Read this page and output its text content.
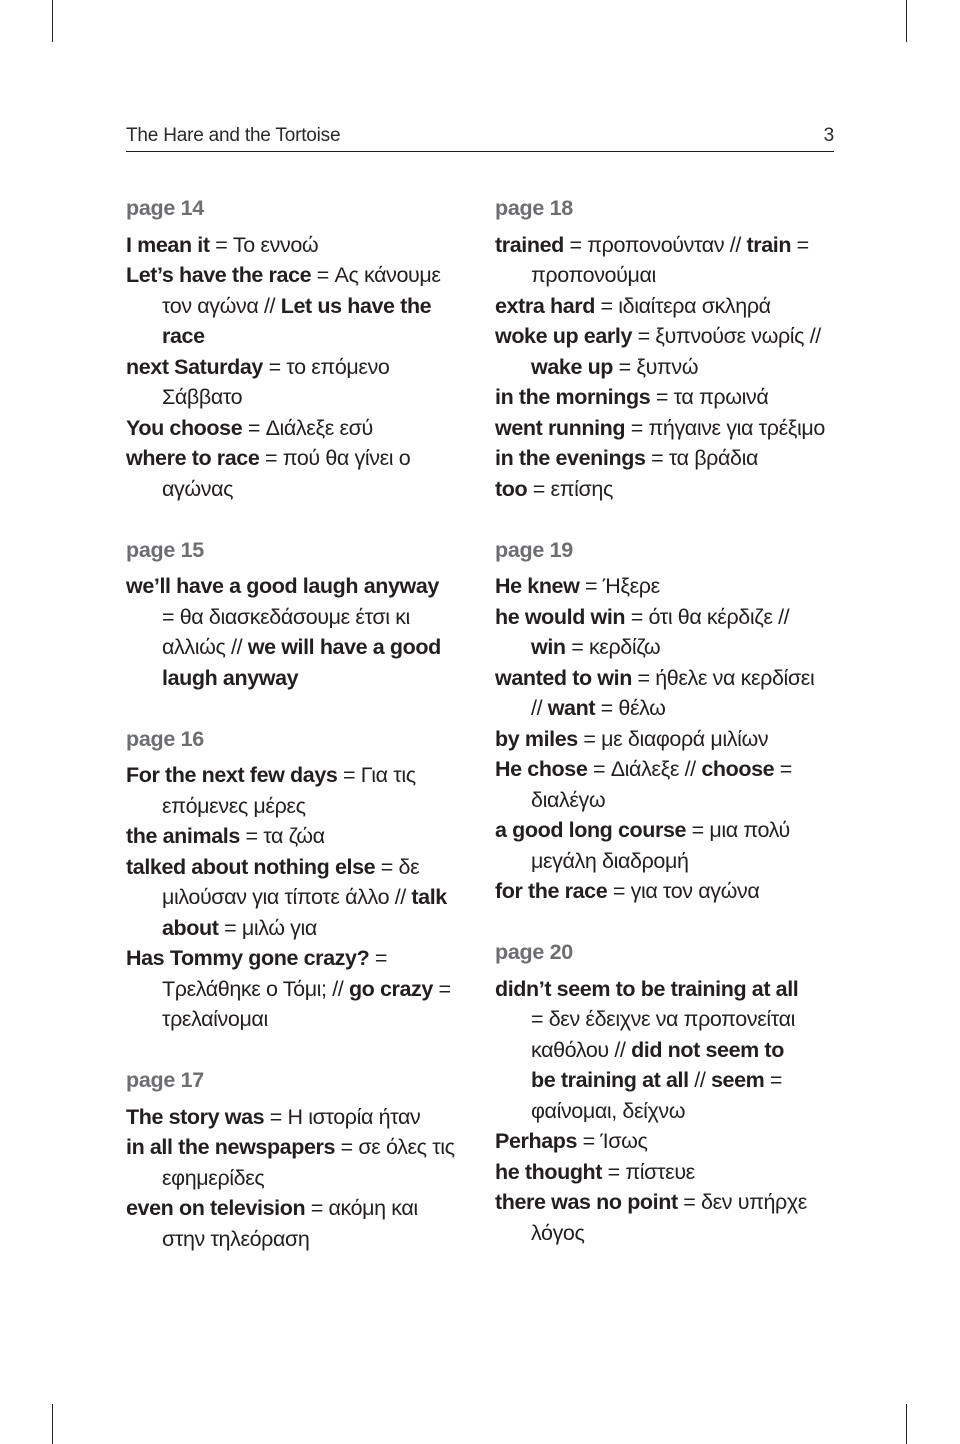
The Hare and the Tortoise	3
page 14
I mean it = Το εννοώ
Let’s have the race = Ας κάνουμε
τον αγώνα // Let us have the
race
next Saturday = το επόμενο
Σάββατο
You choose = Διάλεξε εσύ
where to race = πού θα γίνει ο
αγώνας
page 15
we’ll have a good laugh anyway
= θα διασκεδάσουμε έτσι κι
αλλιώς // we will have a good
laugh anyway
page 16
For the next few days = Για τις
επόμενες μέρες
the animals = τα ζώα
talked about nothing else = δε
μιλούσαν για τίποτε άλλο // talk
about = μιλώ για
Has Tommy gone crazy? =
Τρελάθηκε ο Τόμι; // go crazy =
τρελαίνομαι
page 17
The story was = Η ιστορία ήταν
in all the newspapers = σε όλες τις
εφημερίδες
even on television = ακόμη και
στην τηλεόραση
page 18
trained = προπονούνταν // train =
προπονούμαι
extra hard = ιδιαίτερα σκληρά
woke up early = ξυπνούσε νωρίς //
wake up = ξυπνώ
in the mornings = τα πρωινά
went running = πήγαινε για τρέξιμο
in the evenings = τα βράδια
too = επίσης
page 19
He knew = Ήξερε
he would win = ότι θα κέρδιζε //
win = κερδίζω
wanted to win = ήθελε να κερδίσει
// want = θέλω
by miles = με διαφορά μιλίων
He chose = Διάλεξε // choose =
διαλέγω
a good long course = μια πολύ
μεγάλη διαδρομή
for the race = για τον αγώνα
page 20
didn’t seem to be training at all
= δεν έδειχνε να προπονείται
καθόλου // did not seem to
be training at all // seem =
φαίνομαι, δείχνω
Perhaps = Ίσως
he thought = πίστευε
there was no point = δεν υπήρχε
λόγος
